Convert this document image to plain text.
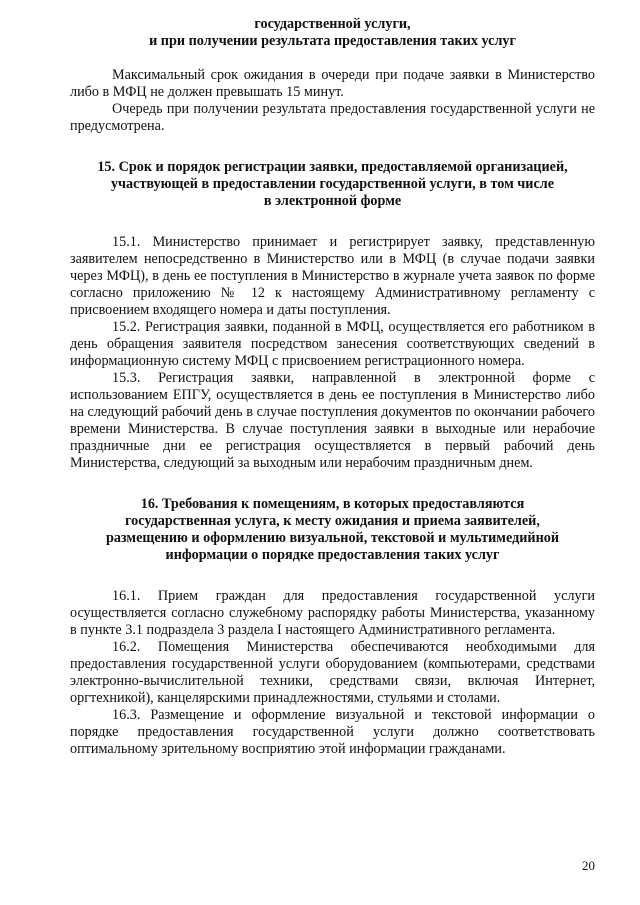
государственной услуги,
и при получении результата предоставления таких услуг

Максимальный срок ожидания в очереди при подаче заявки в Министерство либо в МФЦ не должен превышать 15 минут.

Очередь при получении результата предоставления государственной услуги не предусмотрена.

15. Срок и порядок регистрации заявки, предоставляемой организацией,
участвующей в предоставлении государственной услуги, в том числе
в электронной форме

15.1. Министерство принимает и регистрирует заявку, представленную заявителем непосредственно в Министерство или в МФЦ (в случае подачи заявки через МФЦ), в день ее поступления в Министерство в журнале учета заявок по форме согласно приложению № 12 к настоящему Административному регламенту с присвоением входящего номера и даты поступления.

15.2. Регистрация заявки, поданной в МФЦ, осуществляется его работником в день обращения заявителя посредством занесения соответствующих сведений в информационную систему МФЦ с присвоением регистрационного номера.

15.3. Регистрация заявки, направленной в электронной форме с использованием ЕПГУ, осуществляется в день ее поступления в Министерство либо на следующий рабочий день в случае поступления документов по окончании рабочего времени Министерства. В случае поступления заявки в выходные или нерабочие праздничные дни ее регистрация осуществляется в первый рабочий день Министерства, следующий за выходным или нерабочим праздничным днем.

16. Требования к помещениям, в которых предоставляются
государственная услуга, к месту ожидания и приема заявителей,
размещению и оформлению визуальной, текстовой и мультимедийной
информации о порядке предоставления таких услуг

16.1. Прием граждан для предоставления государственной услуги осуществляется согласно служебному распорядку работы Министерства, указанному в пункте 3.1 подраздела 3 раздела I настоящего Административного регламента.

16.2. Помещения Министерства обеспечиваются необходимыми для предоставления государственной услуги оборудованием (компьютерами, средствами электронно-вычислительной техники, средствами связи, включая Интернет, оргтехникой), канцелярскими принадлежностями, стульями и столами.

16.3. Размещение и оформление визуальной и текстовой информации о порядке предоставления государственной услуги должно соответствовать оптимальному зрительному восприятию этой информации гражданами.

20
